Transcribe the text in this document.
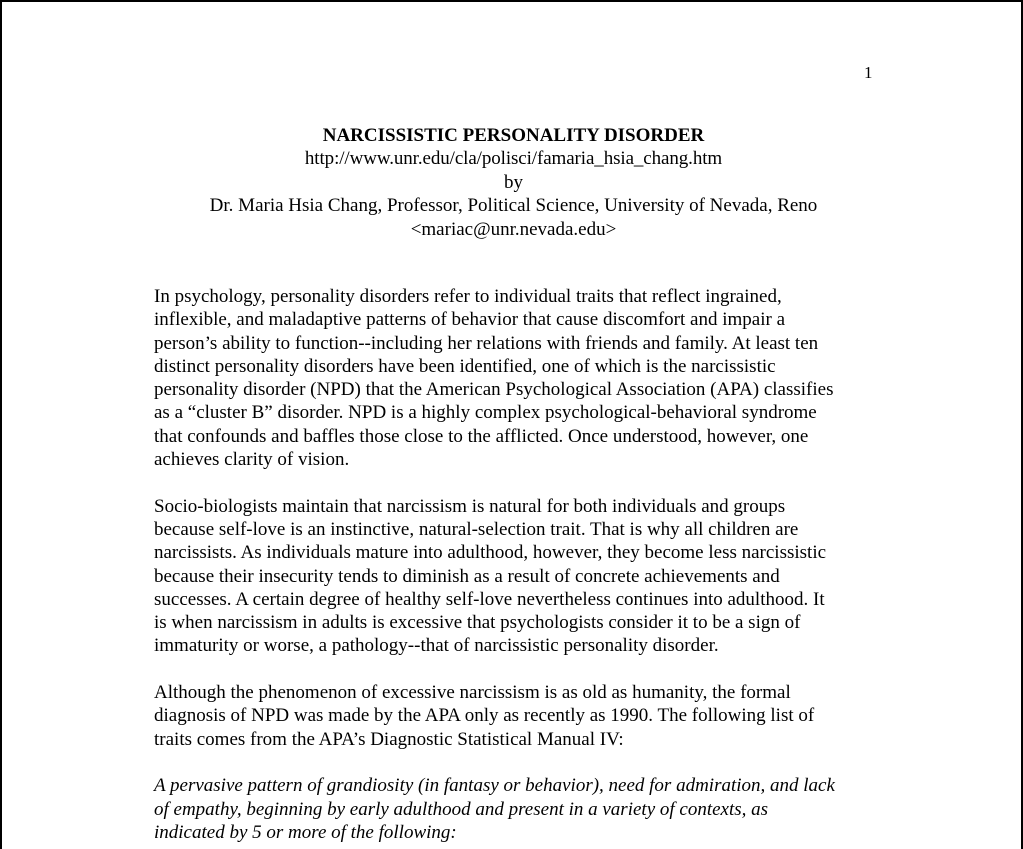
1
NARCISSISTIC PERSONALITY DISORDER
http://www.unr.edu/cla/polisci/famaria_hsia_chang.htm
by
Dr. Maria Hsia Chang, Professor, Political Science, University of Nevada, Reno
<mariac@unr.nevada.edu>

In psychology, personality disorders refer to individual traits that reflect ingrained,
inflexible, and maladaptive patterns of behavior that cause discomfort and impair a
person’s ability to function--including her relations with friends and family. At least ten
distinct personality disorders have been identified, one of which is the narcissistic
personality disorder (NPD) that the American Psychological Association (APA) classifies
as a “cluster B” disorder. NPD is a highly complex psychological-behavioral syndrome
that confounds and baffles those close to the afflicted. Once understood, however, one
achieves clarity of vision.

Socio-biologists maintain that narcissism is natural for both individuals and groups
because self-love is an instinctive, natural-selection trait. That is why all children are
narcissists. As individuals mature into adulthood, however, they become less narcissistic
because their insecurity tends to diminish as a result of concrete achievements and
successes. A certain degree of healthy self-love nevertheless continues into adulthood. It
is when narcissism in adults is excessive that psychologists consider it to be a sign of
immaturity or worse, a pathology--that of narcissistic personality disorder.

Although the phenomenon of excessive narcissism is as old as humanity, the formal
diagnosis of NPD was made by the APA only as recently as 1990. The following list of
traits comes from the APA’s Diagnostic Statistical Manual IV:

A pervasive pattern of grandiosity (in fantasy or behavior), need for admiration, and lack
of empathy, beginning by early adulthood and present in a variety of contexts, as
indicated by 5 or more of the following:
